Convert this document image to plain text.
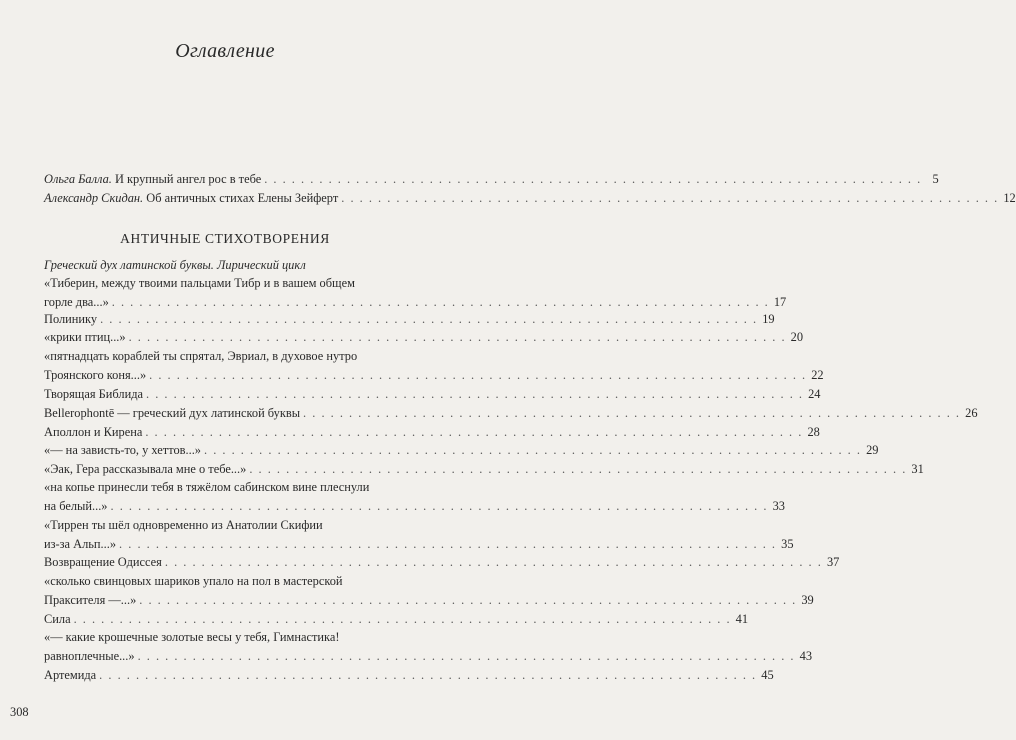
Оглавление
Ольга Балла. И крупный ангел рос в тебе . . . . . . . . . . . . . . . . . . . . . . . . . . . . . . . . . . . . . . . . . . . . . . . . . . . . . . . . . . . . . . . . . . . . . . . . 5
Александр Скидан. Об античных стихах Елены Зейферт . . . . . . . . . . . . . . . . . . . . . . . . . . . . . . . . . . . . . . . . . . . . . . . . . . . . . . . . . . . . . . . . . . . . . . . . 12
АНТИЧНЫЕ СТИХОТВОРЕНИЯ
Греческий дух латинской буквы. Лирический цикл
«Тиберин, между твоими пальцами Тибр и в вашем общем
горле два...» . . . . . . . . . . . . . . . . . . . . . . . . . . . . . . . . . . . . . . . . . . . . . . . . . . . . . . . . . . . . . . . . . . . . . . . . 17
Полинику . . . . . . . . . . . . . . . . . . . . . . . . . . . . . . . . . . . . . . . . . . . . . . . . . . . . . . . . . . . . . . . . . . . . . . . . 19
«крики птиц...» . . . . . . . . . . . . . . . . . . . . . . . . . . . . . . . . . . . . . . . . . . . . . . . . . . . . . . . . . . . . . . . . . . . . . . . . 20
«пятнадцать кораблей ты спрятал, Эвриал, в духовое нутро
Троянского коня...» . . . . . . . . . . . . . . . . . . . . . . . . . . . . . . . . . . . . . . . . . . . . . . . . . . . . . . . . . . . . . . . . . . . . . . . . 22
Творящая Библида . . . . . . . . . . . . . . . . . . . . . . . . . . . . . . . . . . . . . . . . . . . . . . . . . . . . . . . . . . . . . . . . . . . . . . . . 24
Bellerophontē — греческий дух латинской буквы . . . . . . . . . . . . . . . . . . . . . . . . . . . . . . . . . . . . . . . . . . . . . . . . . . . . . . . . . . . . . . . . . . . . . . . . 26
Аполлон и Кирена . . . . . . . . . . . . . . . . . . . . . . . . . . . . . . . . . . . . . . . . . . . . . . . . . . . . . . . . . . . . . . . . . . . . . . . . 28
«— на зависть-то, у хеттов...» . . . . . . . . . . . . . . . . . . . . . . . . . . . . . . . . . . . . . . . . . . . . . . . . . . . . . . . . . . . . . . . . . . . . . . . . 29
«Эак, Гера рассказывала мне о тебе...» . . . . . . . . . . . . . . . . . . . . . . . . . . . . . . . . . . . . . . . . . . . . . . . . . . . . . . . . . . . . . . . . . . . . . . . . 31
«на копье принесли тебя в тяжёлом сабинском вине плеснули
на белый...» . . . . . . . . . . . . . . . . . . . . . . . . . . . . . . . . . . . . . . . . . . . . . . . . . . . . . . . . . . . . . . . . . . . . . . . . 33
«Тиррен ты шёл одновременно из Анатолии Скифии
из-за Альп...» . . . . . . . . . . . . . . . . . . . . . . . . . . . . . . . . . . . . . . . . . . . . . . . . . . . . . . . . . . . . . . . . . . . . . . . . 35
Возвращение Одиссея . . . . . . . . . . . . . . . . . . . . . . . . . . . . . . . . . . . . . . . . . . . . . . . . . . . . . . . . . . . . . . . . . . . . . . . . 37
«сколько свинцовых шариков упало на пол в мастерской
Праксителя —...» . . . . . . . . . . . . . . . . . . . . . . . . . . . . . . . . . . . . . . . . . . . . . . . . . . . . . . . . . . . . . . . . . . . . . . . . 39
Сила . . . . . . . . . . . . . . . . . . . . . . . . . . . . . . . . . . . . . . . . . . . . . . . . . . . . . . . . . . . . . . . . . . . . . . . . 41
«— какие крошечные золотые весы у тебя, Гимнастика!
равноплечные...» . . . . . . . . . . . . . . . . . . . . . . . . . . . . . . . . . . . . . . . . . . . . . . . . . . . . . . . . . . . . . . . . . . . . . . . . 43
Артемида . . . . . . . . . . . . . . . . . . . . . . . . . . . . . . . . . . . . . . . . . . . . . . . . . . . . . . . . . . . . . . . . . . . . . . . . 45
308
